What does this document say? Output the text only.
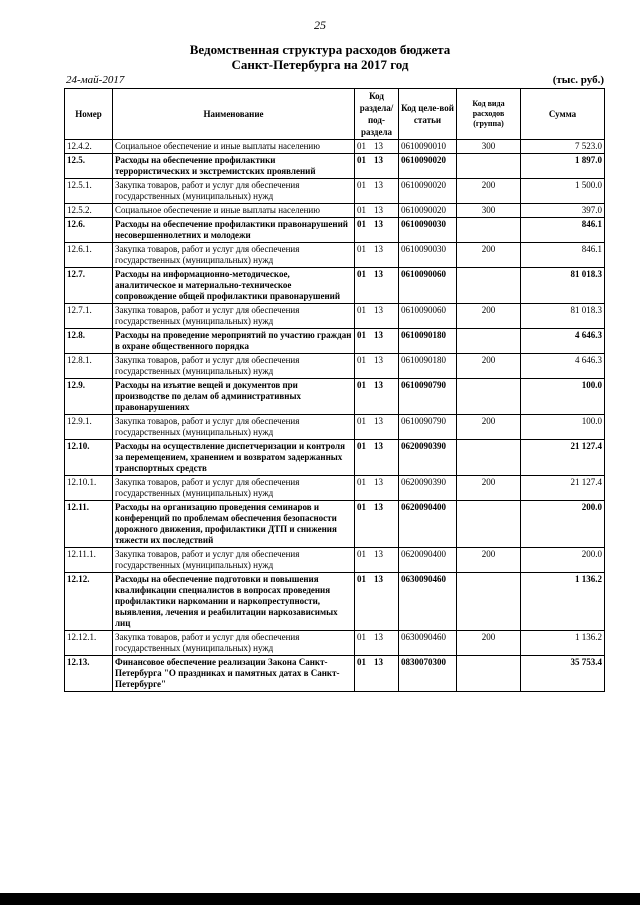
25
Ведомственная структура расходов бюджета
Санкт-Петербурга на 2017 год
24-май-2017	(тыс. руб.)
Номер	Наименование	Код раздела/ под-раздела	Код целе-вой статьи	Код вида расходов (группа)	Сумма
12.4.2.	Социальное обеспечение и иные выплаты населению	01 13	0610090010	300	7 523.0
12.5.	Расходы на обеспечение профилактики террористических и экстремистских проявлений	01 13	0610090020		1 897.0
12.5.1.	Закупка товаров, работ и услуг для обеспечения государственных (муниципальных) нужд	01 13	0610090020	200	1 500.0
12.5.2.	Социальное обеспечение и иные выплаты населению	01 13	0610090020	300	397.0
12.6.	Расходы на обеспечение профилактики правонарушений несовершеннолетних и молодежи	01 13	0610090030		846.1
12.6.1.	Закупка товаров, работ и услуг для обеспечения государственных (муниципальных) нужд	01 13	0610090030	200	846.1
12.7.	Расходы на информационно-методическое, аналитическое и материально-техническое сопровождение общей профилактики правонарушений	01 13	0610090060		81 018.3
12.7.1.	Закупка товаров, работ и услуг для обеспечения государственных (муниципальных) нужд	01 13	0610090060	200	81 018.3
12.8.	Расходы на проведение мероприятий по участию граждан в охране общественного порядка	01 13	0610090180		4 646.3
12.8.1.	Закупка товаров, работ и услуг для обеспечения государственных (муниципальных) нужд	01 13	0610090180	200	4 646.3
12.9.	Расходы на изъятие вещей и документов при производстве по делам об административных правонарушениях	01 13	0610090790		100.0
12.9.1.	Закупка товаров, работ и услуг для обеспечения государственных (муниципальных) нужд	01 13	0610090790	200	100.0
12.10.	Расходы на осуществление диспетчеризации и контроля за перемещением, хранением и возвратом задержанных транспортных средств	01 13	0620090390		21 127.4
12.10.1.	Закупка товаров, работ и услуг для обеспечения государственных (муниципальных) нужд	01 13	0620090390	200	21 127.4
12.11.	Расходы на организацию проведения семинаров и конференций по проблемам обеспечения безопасности дорожного движения, профилактики ДТП и снижения тяжести их последствий	01 13	0620090400		200.0
12.11.1.	Закупка товаров, работ и услуг для обеспечения государственных (муниципальных) нужд	01 13	0620090400	200	200.0
12.12.	Расходы на обеспечение подготовки и повышения квалификации специалистов в вопросах проведения профилактики наркомании и наркопреступности, выявления, лечения и реабилитации наркозависимых лиц	01 13	0630090460		1 136.2
12.12.1.	Закупка товаров, работ и услуг для обеспечения государственных (муниципальных) нужд	01 13	0630090460	200	1 136.2
12.13.	Финансовое обеспечение реализации Закона Санкт-Петербурга "О праздниках и памятных датах в Санкт-Петербурге"	01 13	0830070300		35 753.4
